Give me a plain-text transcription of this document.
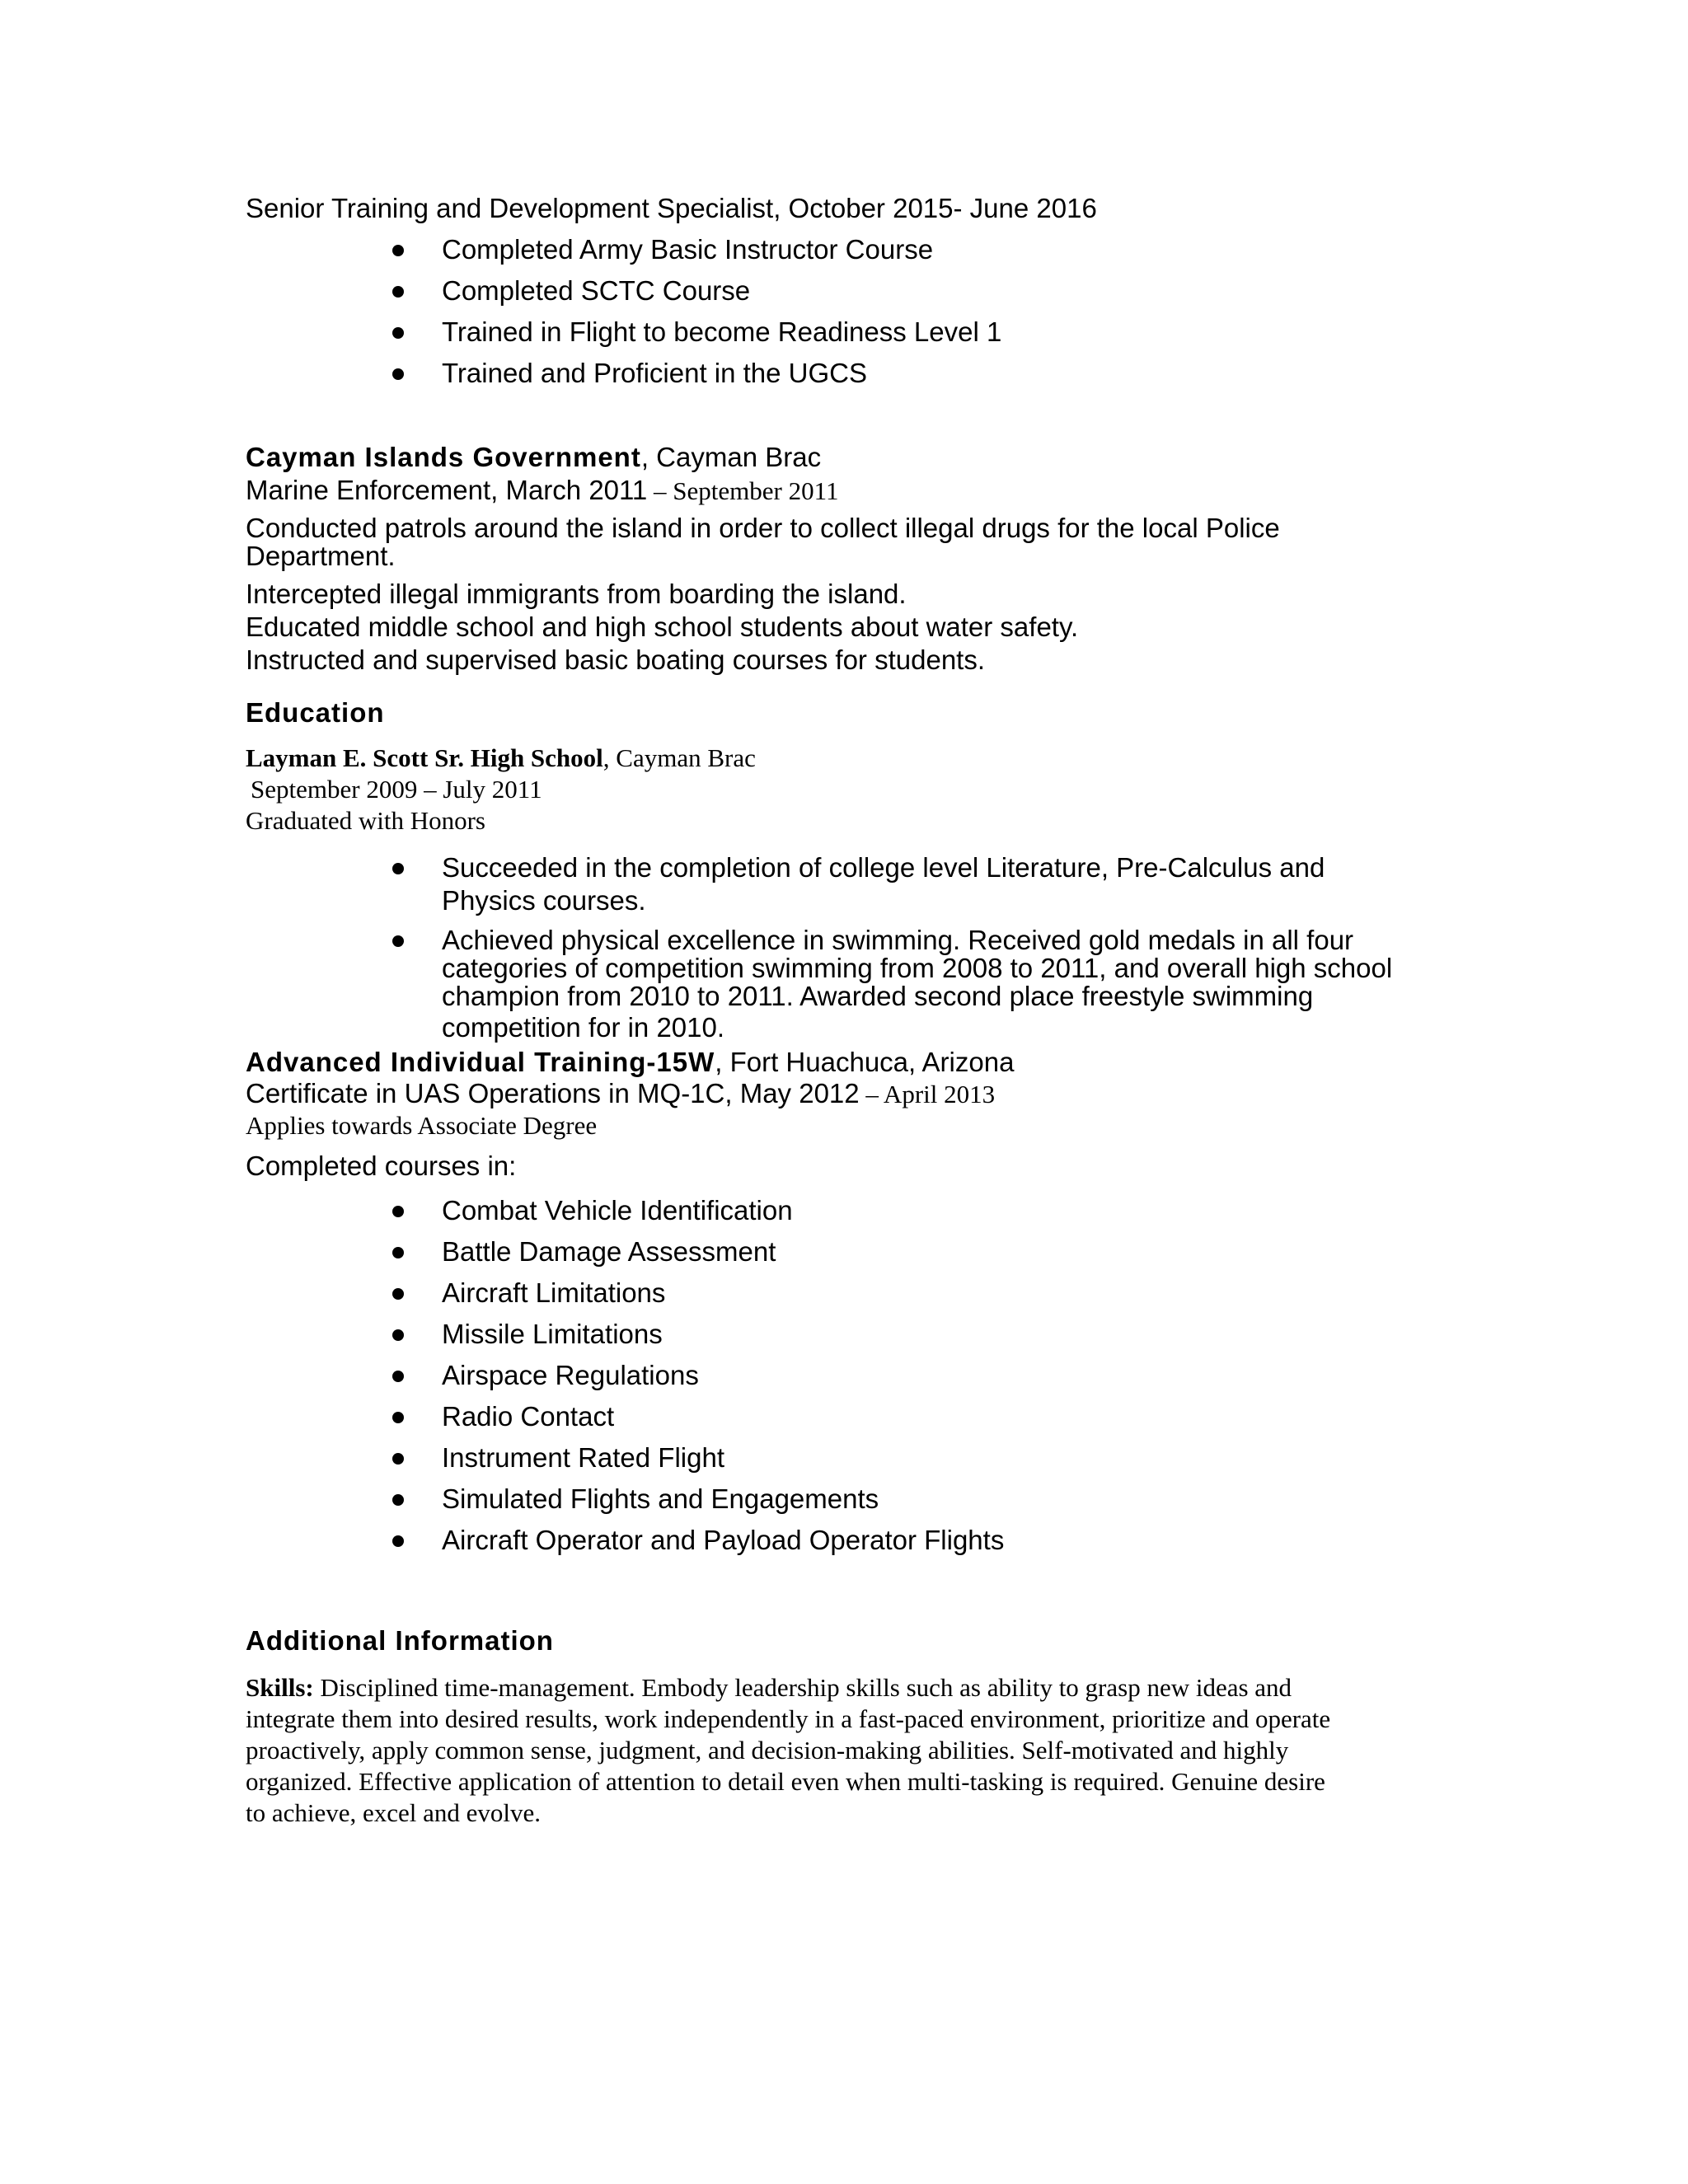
Senior Training and Development Specialist, October 2015- June 2016
Completed Army Basic Instructor Course
Completed SCTC Course
Trained in Flight to become Readiness Level 1
Trained and Proficient in the UGCS
Cayman Islands Government, Cayman Brac
Marine Enforcement, March 2011 – September 2011
Conducted patrols around the island in order to collect illegal drugs for the local Police
Department.
Intercepted illegal immigrants from boarding the island.
Educated middle school and high school students about water safety.
Instructed and supervised basic boating courses for students.
Education
Layman E. Scott Sr. High School, Cayman Brac
September 2009 – July 2011
Graduated with Honors
Succeeded in the completion of college level Literature, Pre-Calculus and
Physics courses.
Achieved physical excellence in swimming. Received gold medals in all four
categories of competition swimming from 2008 to 2011, and overall high school
champion from 2010 to 2011. Awarded second place freestyle swimming
competition for in 2010.
Advanced Individual Training-15W, Fort Huachuca, Arizona
Certificate in UAS Operations in MQ-1C, May 2012 – April 2013
Applies towards Associate Degree
Completed courses in:
Combat Vehicle Identification
Battle Damage Assessment
Aircraft Limitations
Missile Limitations
Airspace Regulations
Radio Contact
Instrument Rated Flight
Simulated Flights and Engagements
Aircraft Operator and Payload Operator Flights
Additional Information
Skills: Disciplined time-management. Embody leadership skills such as ability to grasp new ideas and
integrate them into desired results, work independently in a fast-paced environment, prioritize and operate
proactively, apply common sense, judgment, and decision-making abilities. Self-motivated and highly
organized. Effective application of attention to detail even when multi-tasking is required. Genuine desire
to achieve, excel and evolve.
